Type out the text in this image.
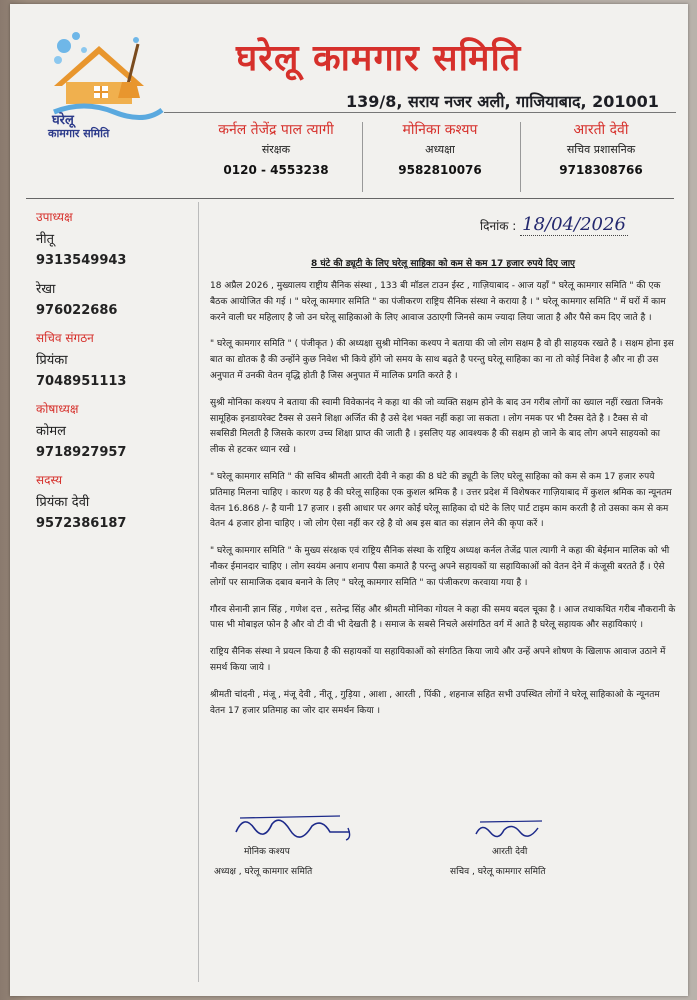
घरेलू
कामगार समिति
घरेलू कामगार समिति
139/8, सराय नजर अली, गाजियाबाद, 201001
कर्नल तेजेंद्र पाल त्यागी
संरक्षक
0120 - 4553238
मोनिका कश्यप
अध्यक्षा
9582810076
आरती देवी
सचिव प्रशासनिक
9718308766
उपाध्यक्ष
नीतू
9313549943
रेखा
976022686
सचिव संगठन
प्रियंका
7048951113
कोषाध्यक्ष
कोमल
9718927957
सदस्य
प्रियंका देवी
9572386187
दिनांक : 18/04/2026
8 घंटे की ड्यूटी के लिए घरेलू साहिका को कम से कम 17 हजार रुपये दिए जाए

18 अप्रैल 2026 , मुख्यालय राष्ट्रीय सैनिक संस्था , 133 बी मॉडल टाउन ईस्ट , गाज़ियाबाद - आज यहाँ " घरेलू कामगार समिति " की एक बैठक आयोजित की गई । " घरेलू कामगार समिति " का पंजीकरण राष्ट्रिय सैनिक संस्था ने कराया है । " घरेलू कामगार समिति " में घरों में काम करने वाली घर महिलाए है जो उन घरेलू साहिकाओ के लिए आवाज उठाएगी जिनसे काम ज्यादा लिया जाता है और पैसे कम दिए जाते है ।

" घरेलू कामगार समिति " ( पंजीकृत ) की अध्यक्षा सुश्री मोनिका कश्यप ने बताया की जो लोग सक्षम है वो ही साहयक रखते है । सक्षम होना इस बात का द्योतक है की उन्होंने कुछ निवेश भी किये होंगे जो समय के साथ बढ़ते है परन्तु घरेलू साहिका का ना तो कोई निवेश है और ना ही उस अनुपात में उनकी वेतन वृद्धि होती है जिस अनुपात में मालिक प्रगति करते है ।

सुश्री मोनिका कश्यप ने बताया की स्वामी विवेकानंद ने कहा था की जो व्यक्ति सक्षम होने के बाद उन गरीब लोगों का ख्याल नहीं रखता जिनके सामूहिक इनडायरेक्ट टैक्स से उसने शिक्षा अर्जित की है उसे देश भक्त नहीं कहा जा सकता । लोग नमक पर भी टैक्स देते है । टैक्स से वो सबसिडी मिलती है जिसके कारण उच्च शिक्षा प्राप्त की जाती है । इसलिए यह आवश्यक है की सक्षम हो जाने के बाद लोग अपने साहयको का लीक से हटकर ध्यान रखे ।

" घरेलू कामगार समिति " की सचिव श्रीमती आरती देवी ने कहा की 8 घंटे की ड्यूटी के लिए घरेलू साहिका को कम से कम 17 हजार रुपये प्रतिमाह मिलना चाहिए । कारण यह है की घरेलू साहिका एक कुशल श्रमिक है । उत्तर प्रदेश में विशेषकर गाज़ियाबाद में कुशल श्रमिक का न्यूनतम वेतन 16.868 /- है यानी 17 हजार । इसी आधार पर अगर कोई घरेलू साहिका दो घंटे के लिए पार्ट टाइम काम करती है तो उसका कम से कम वेतन 4 हजार होना चाहिए । जो लोग ऐसा नहीं कर रहे है वो अब इस बात का संज्ञान लेने की कृपा करें ।

" घरेलू कामगार समिति " के मुख्य संरक्षक एवं राष्ट्रिय सैनिक संस्था के राष्ट्रिय अध्यक्ष कर्नल तेजेंद्र पाल त्यागी ने कहा की बेईमान मालिक को भी नौकर ईमानदार चाहिए । लोग स्वयंम अनाप शनाप पैसा कमाते है परन्तु अपने सहायकों या सहायिकाओं को वेतन देने में कंजूसी बरतते हैं । ऐसे लोगों पर सामाजिक दबाव बनाने के लिए " घरेलू कामगार समिति " का पंजीकरण करवाया गया है ।

गौरव सेनानी ज्ञान सिंह , गणेश दत्त , सतेन्द्र सिंह और श्रीमती मोनिका गोयल ने कहा की समय बदल चूका है । आज तथाकथित गरीब नौकरानी के पास भी मोबाइल फोन है और वो टी वी भी देखती है । समाज के सबसे निचले असंगठित वर्ग में आते है घरेलू सहायक और सहायिकाएं ।

राष्ट्रिय सैनिक संस्था ने प्रयत्न किया है की सहायकों या सहायिकाओं को संगठित किया जाये और उन्हें अपने शोषण के खिलाफ आवाज उठाने में समर्थ किया जाये ।

श्रीमती चांदनी , मंजू , मंजू देवी , नीतू , गुड़िया , आशा , आरती , पिंकी , शहनाज सहित सभी उपस्थित लोगों ने घरेलू साहिकाओ के न्यूनतम वेतन 17 हजार प्रतिमाह का जोर दार समर्थन किया ।

मोनिक कश्यप
अध्यक्ष , घरेलू कामगार समिति
आरती देवी
सचिव , घरेलू कामगार समिति
